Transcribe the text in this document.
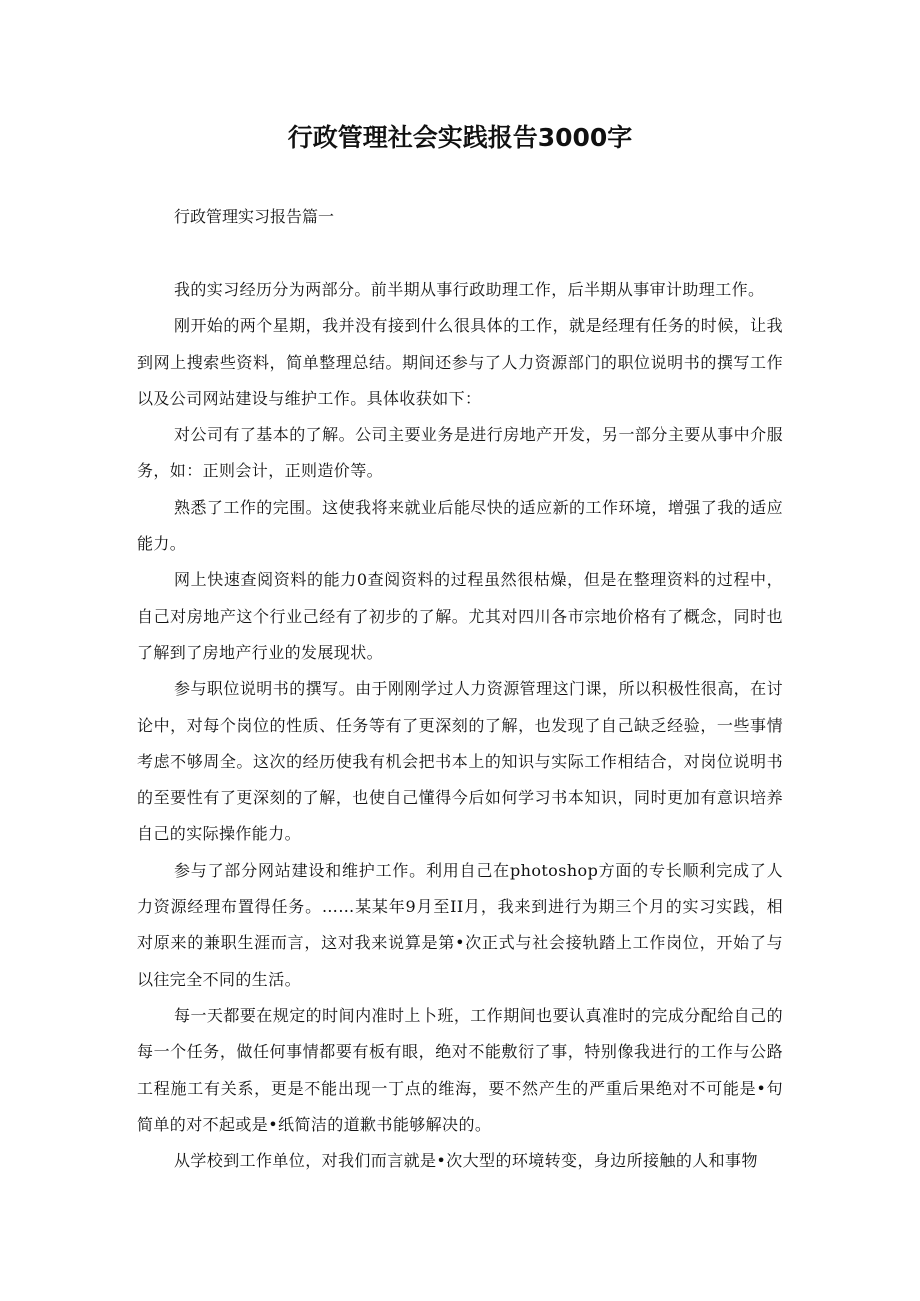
行政管理社会实践报告3000字

行政管理实习报告篇一

我的实习经历分为两部分。前半期从事行政助理工作，后半期从事审计助理工作。

刚开始的两个星期，我并没有接到什么很具体的工作，就是经理有任务的时候，让我到网上搜索些资料，简单整理总结。期间还参与了人力资源部门的职位说明书的撰写工作以及公司网站建设与维护工作。具体收获如下：

对公司有了基本的了解。公司主要业务是进行房地产开发，另一部分主要从事中介服务，如：正则会计，正则造价等。

熟悉了工作的完围。这使我将来就业后能尽快的适应新的工作环境，增强了我的适应能力。

网上快速查阅资料的能力0查阅资料的过程虽然很枯燥，但是在整理资料的过程中，自己对房地产这个行业己经有了初步的了解。尤其对四川各市宗地价格有了概念，同时也了解到了房地产行业的发展现状。

参与职位说明书的撰写。由于刚刚学过人力资源管理这门课，所以积极性很高，在讨论中，对每个岗位的性质、任务等有了更深刻的了解，也发现了自己缺乏经验，一些事情考虑不够周全。这次的经历使我有机会把书本上的知识与实际工作相结合，对岗位说明书的至要性有了更深刻的了解，也使自己懂得今后如何学习书本知识，同时更加有意识培养自己的实际操作能力。

参与了部分网站建设和维护工作。利用自己在photoshop方面的专长顺利完成了人力资源经理布置得任务。……某某年9月至II月，我来到进行为期三个月的实习实践，相对原来的兼职生涯而言，这对我来说算是第•次正式与社会接轨踏上工作岗位，开始了与以往完全不同的生活。

每一天都要在规定的时间内准时上卜班，工作期间也要认真准时的完成分配给自己的每一个任务，做任何事情都要有板有眼，绝对不能敷衍了事，特别像我进行的工作与公路工程施工有关系，更是不能出现一丁点的维海，要不然产生的严重后果绝对不可能是•句简单的对不起或是•纸简洁的道歉书能够解决的。

从学校到工作单位，对我们而言就是•次大型的环境转变，身边所接触的人和事物
